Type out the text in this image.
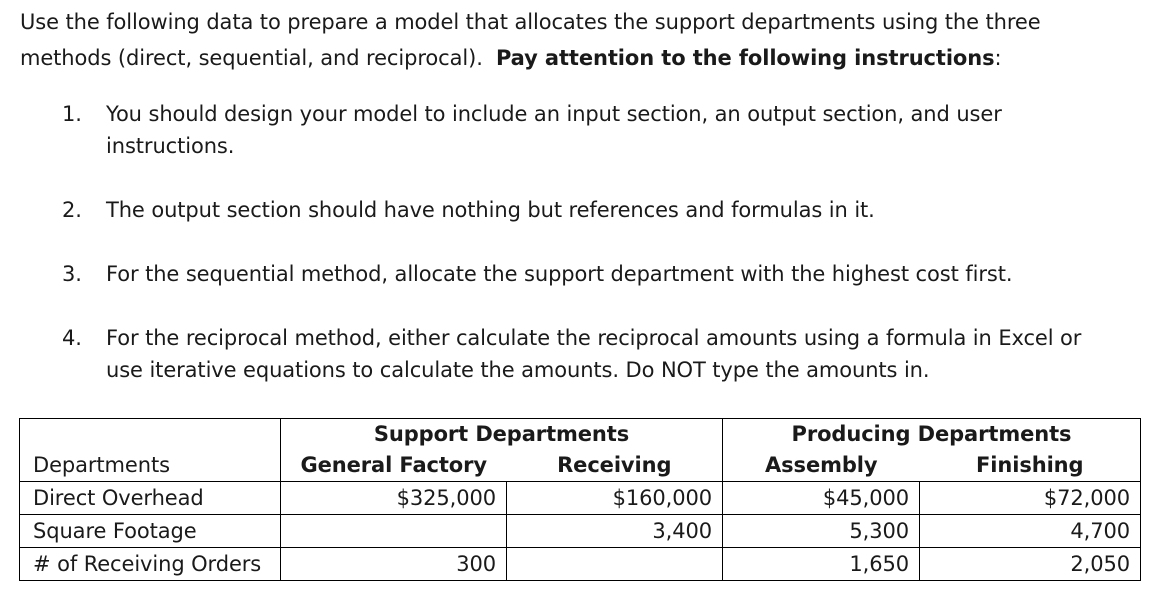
Use the following data to prepare a model that allocates the support departments using the three
methods (direct, sequential, and reciprocal). Pay attention to the following instructions:
1. You should design your model to include an input section, an output section, and user
instructions.
2. The output section should have nothing but references and formulas in it.
3. For the sequential method, allocate the support department with the highest cost first.
4. For the reciprocal method, either calculate the reciprocal amounts using a formula in Excel or
use iterative equations to calculate the amounts. Do NOT type the amounts in.
	Support Departments		Producing Departments	
Departments	General Factory	Receiving	Assembly	Finishing
Direct Overhead	$325,000	$160,000	$45,000	$72,000
Square Footage		3,400	5,300	4,700
# of Receiving Orders	300		1,650	2,050
